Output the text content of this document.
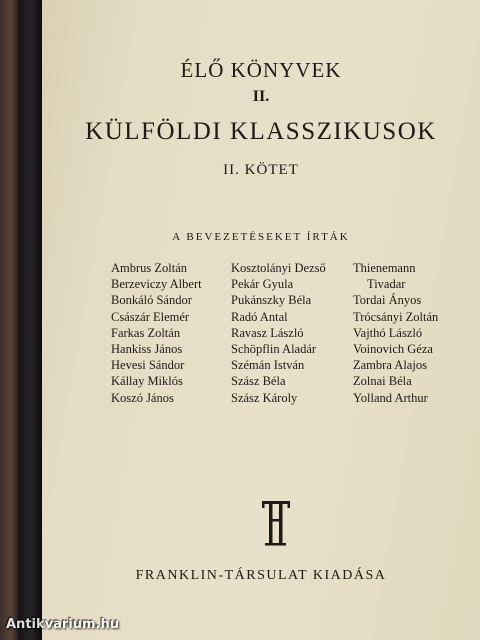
ÉLŐ KÖNYVEK
II.
KÜLFÖLDI KLASSZIKUSOK
II. KÖTET
A BEVEZETÉSEKET ÍRTÁK
Ambrus Zoltán
Berzeviczy Albert
Bonkáló Sándor
Császár Elemér
Farkas Zoltán
Hankiss János
Hevesi Sándor
Kállay Miklós
Koszó János
Kosztolányi Dezső
Pekár Gyula
Pukánszky Béla
Radó Antal
Ravasz László
Schöpflin Aladár
Szémán István
Szász Béla
Szász Károly
Thienemann
Tivadar
Tordai Ányos
Trócsányi Zoltán
Vajthó László
Voinovich Géza
Zambra Alajos
Zolnai Béla
Yolland Arthur
FRANKLIN-TÁRSULAT KIADÁSA
Antikvarium.hu
